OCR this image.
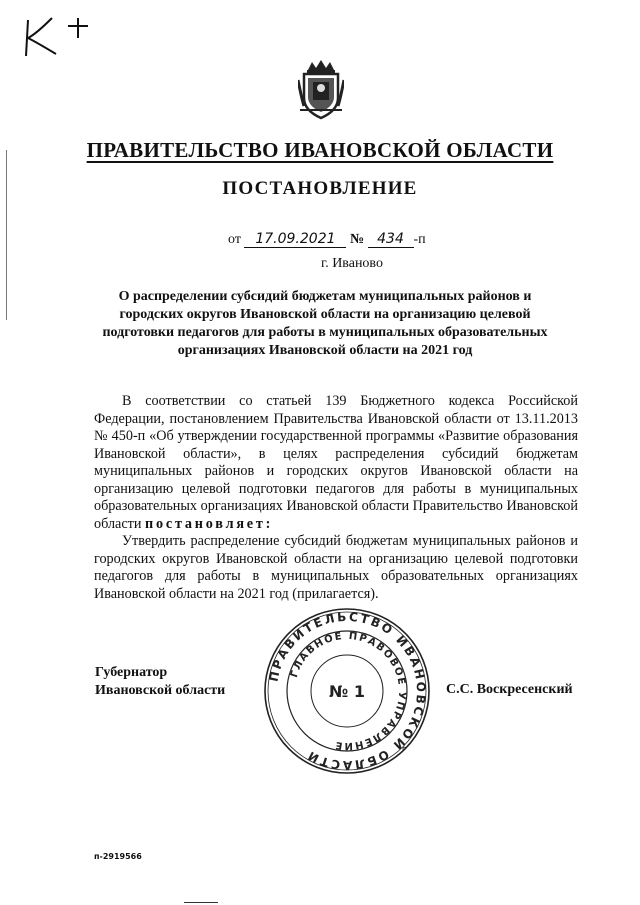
ПРАВИТЕЛЬСТВО ИВАНОВСКОЙ ОБЛАСТИ
ПОСТАНОВЛЕНИЕ
от 17.09.2021 № 434 -п
г. Иваново
О распределении субсидий бюджетам муниципальных районов и городских округов Ивановской области на организацию целевой подготовки педагогов для работы в муниципальных образовательных организациях Ивановской области на 2021 год
В соответствии со статьей 139 Бюджетного кодекса Российской Федерации, постановлением Правительства Ивановской области от 13.11.2013 № 450-п «Об утверждении государственной программы «Развитие образования Ивановской области», в целях распределения субсидий бюджетам муниципальных районов и городских округов Ивановской области на организацию целевой подготовки педагогов для работы в муниципальных образовательных организациях Ивановской области Правительство Ивановской области постановляет:
Утвердить распределение субсидий бюджетам муниципальных районов и городских округов Ивановской области на организацию целевой подготовки педагогов для работы в муниципальных образовательных организациях Ивановской области на 2021 год (прилагается).
Губернатор
Ивановской области
ПРАВИТЕЛЬСТВО ИВАНОВСКОЙ ОБЛАСТИ
ГЛАВНОЕ ПРАВОВОЕ УПРАВЛЕНИЕ
№ 1	С.С. Воскресенский
п-2919566
